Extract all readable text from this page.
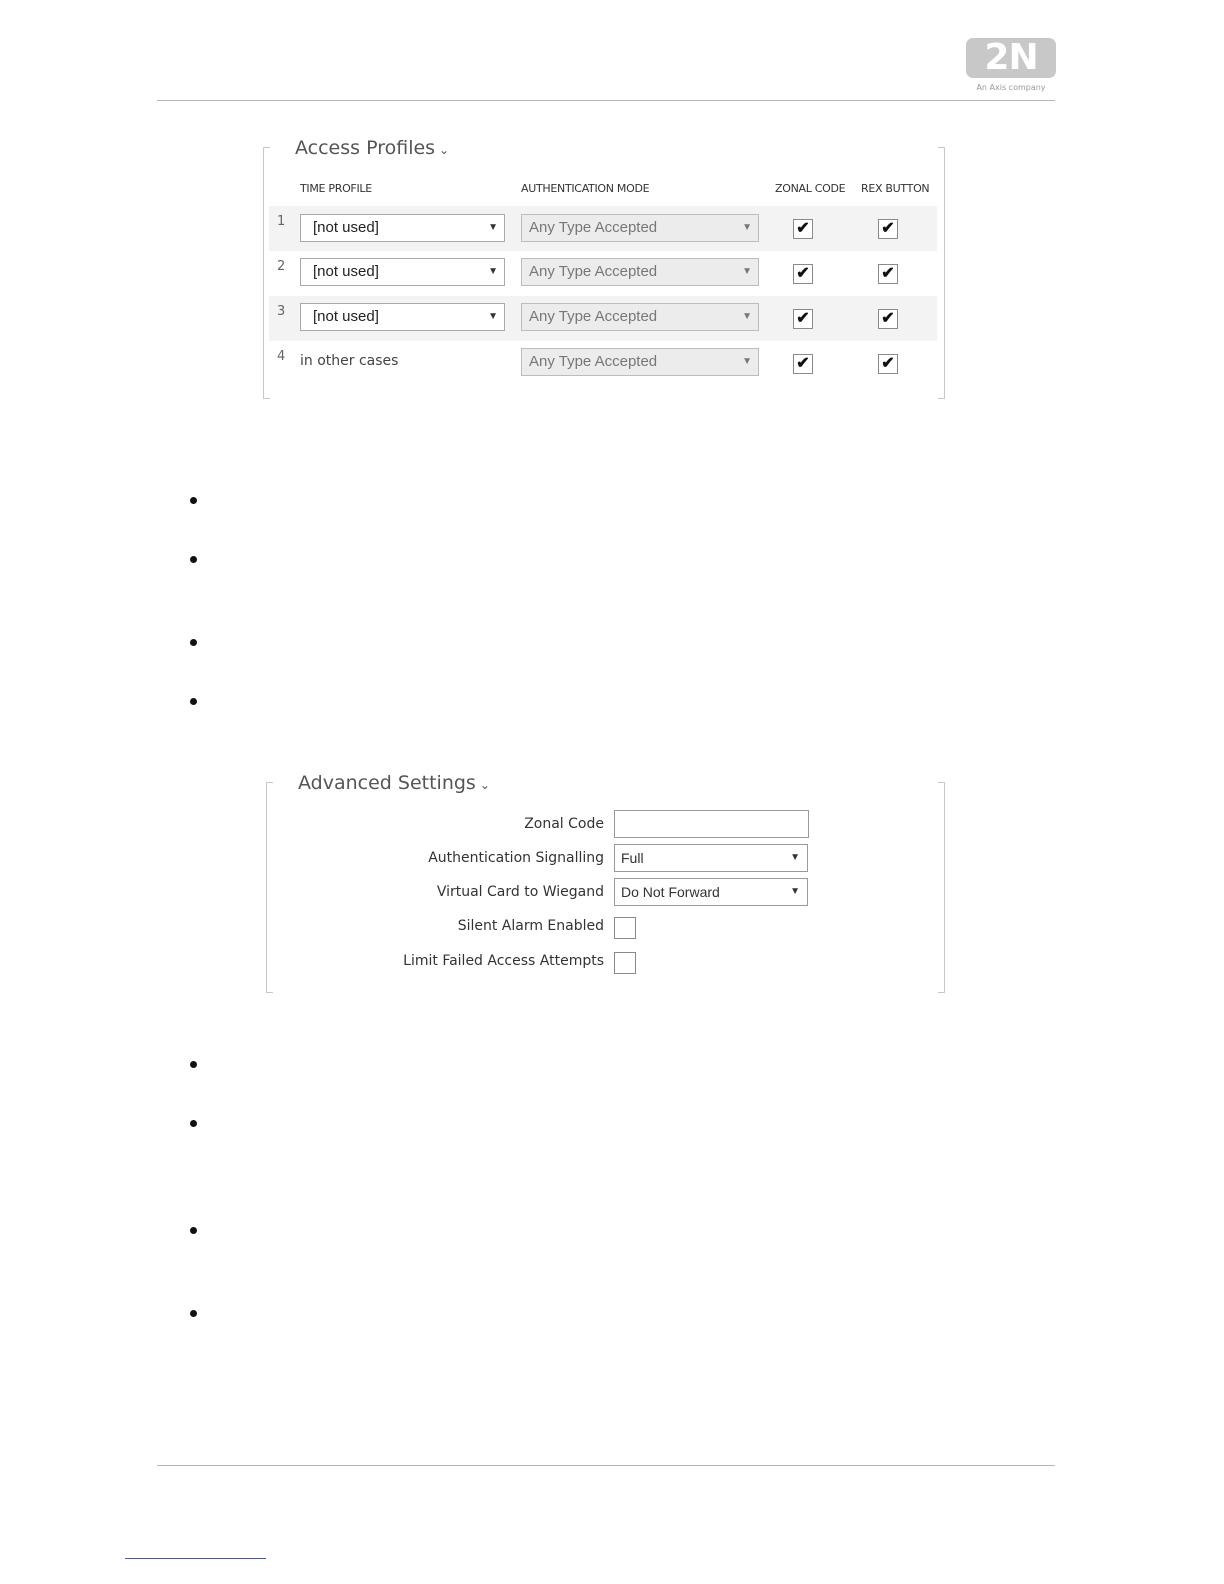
2N
An Axis company
Access Profiles ⌄
TIME PROFILE	AUTHENTICATION MODE	ZONAL CODE REX BUTTON
1	[not used]	▼	Any Type Accepted	▼	✔	✔
2	[not used]	▼	Any Type Accepted	▼	✔	✔
3	[not used]	▼	Any Type Accepted	▼	✔	✔
4 in other cases	Any Type Accepted	▼	✔	✔
Advanced Settings ⌄
Zonal Code
Authentication Signalling	Full	▼
Virtual Card to Wiegand	Do Not Forward	▼
Silent Alarm Enabled
Limit Failed Access Attempts
